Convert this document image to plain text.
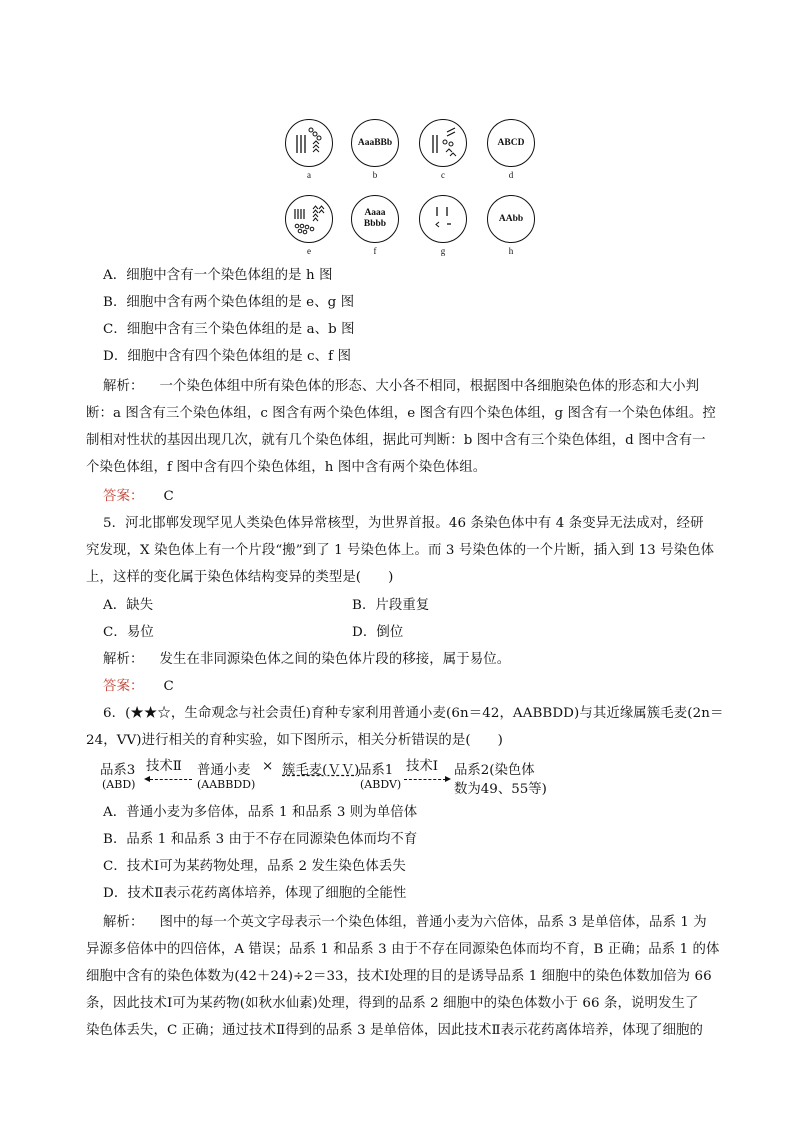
a
AaaBBb
b	c
ABCD
d
e
Aaaa
Bbbb
f	g
AAbb
h
A．细胞中含有一个染色体组的是 h 图
B．细胞中含有两个染色体组的是 e、g 图
C．细胞中含有三个染色体组的是 a、b 图
D．细胞中含有四个染色体组的是 c、f 图
解析： 一个染色体组中所有染色体的形态、大小各不相同，根据图中各细胞染色体的形态和大小判
断：a 图含有三个染色体组，c 图含有两个染色体组，e 图含有四个染色体组，g 图含有一个染色体组。控
制相对性状的基因出现几次，就有几个染色体组，据此可判断：b 图中含有三个染色体组，d 图中含有一
个染色体组，f 图中含有四个染色体组，h 图中含有两个染色体组。
答案： C
5．河北邯郸发现罕见人类染色体异常核型，为世界首报。46 条染色体中有 4 条变异无法成对，经研
究发现，X 染色体上有一个片段“搬”到了 1 号染色体上。而 3 号染色体的一个片断，插入到 13 号染色体
上，这样的变化属于染色体结构变异的类型是(　　)
A．缺失	B．片段重复
C．易位	D．倒位
解析： 发生在非同源染色体之间的染色体片段的移接，属于易位。
答案： C
6．(★★☆，生命观念与社会责任)育种专家利用普通小麦(6n＝42，AABBDD)与其近缘属簇毛麦(2n＝
24，VV)进行相关的育种实验，如下图所示，相关分析错误的是(　　)
品系3
(ABD)
技术Ⅱ 普通小麦
(AABBDD)
× 簇毛麦(ＶＶ)
品系1
(ABDV)
技术Ⅰ 品系2(染色体
数为49、55等)
A．普通小麦为多倍体，品系 1 和品系 3 则为单倍体
B．品系 1 和品系 3 由于不存在同源染色体而均不育
C．技术Ⅰ可为某药物处理，品系 2 发生染色体丢失
D．技术Ⅱ表示花药离体培养，体现了细胞的全能性
解析： 图中的每一个英文字母表示一个染色体组，普通小麦为六倍体，品系 3 是单倍体，品系 1 为
异源多倍体中的四倍体，A 错误；品系 1 和品系 3 由于不存在同源染色体而均不育，B 正确；品系 1 的体
细胞中含有的染色体数为(42＋24)÷2＝33，技术Ⅰ处理的目的是诱导品系 1 细胞中的染色体数加倍为 66
条，因此技术Ⅰ可为某药物(如秋水仙素)处理，得到的品系 2 细胞中的染色体数小于 66 条，说明发生了
染色体丢失，C 正确；通过技术Ⅱ得到的品系 3 是单倍体，因此技术Ⅱ表示花药离体培养，体现了细胞的
